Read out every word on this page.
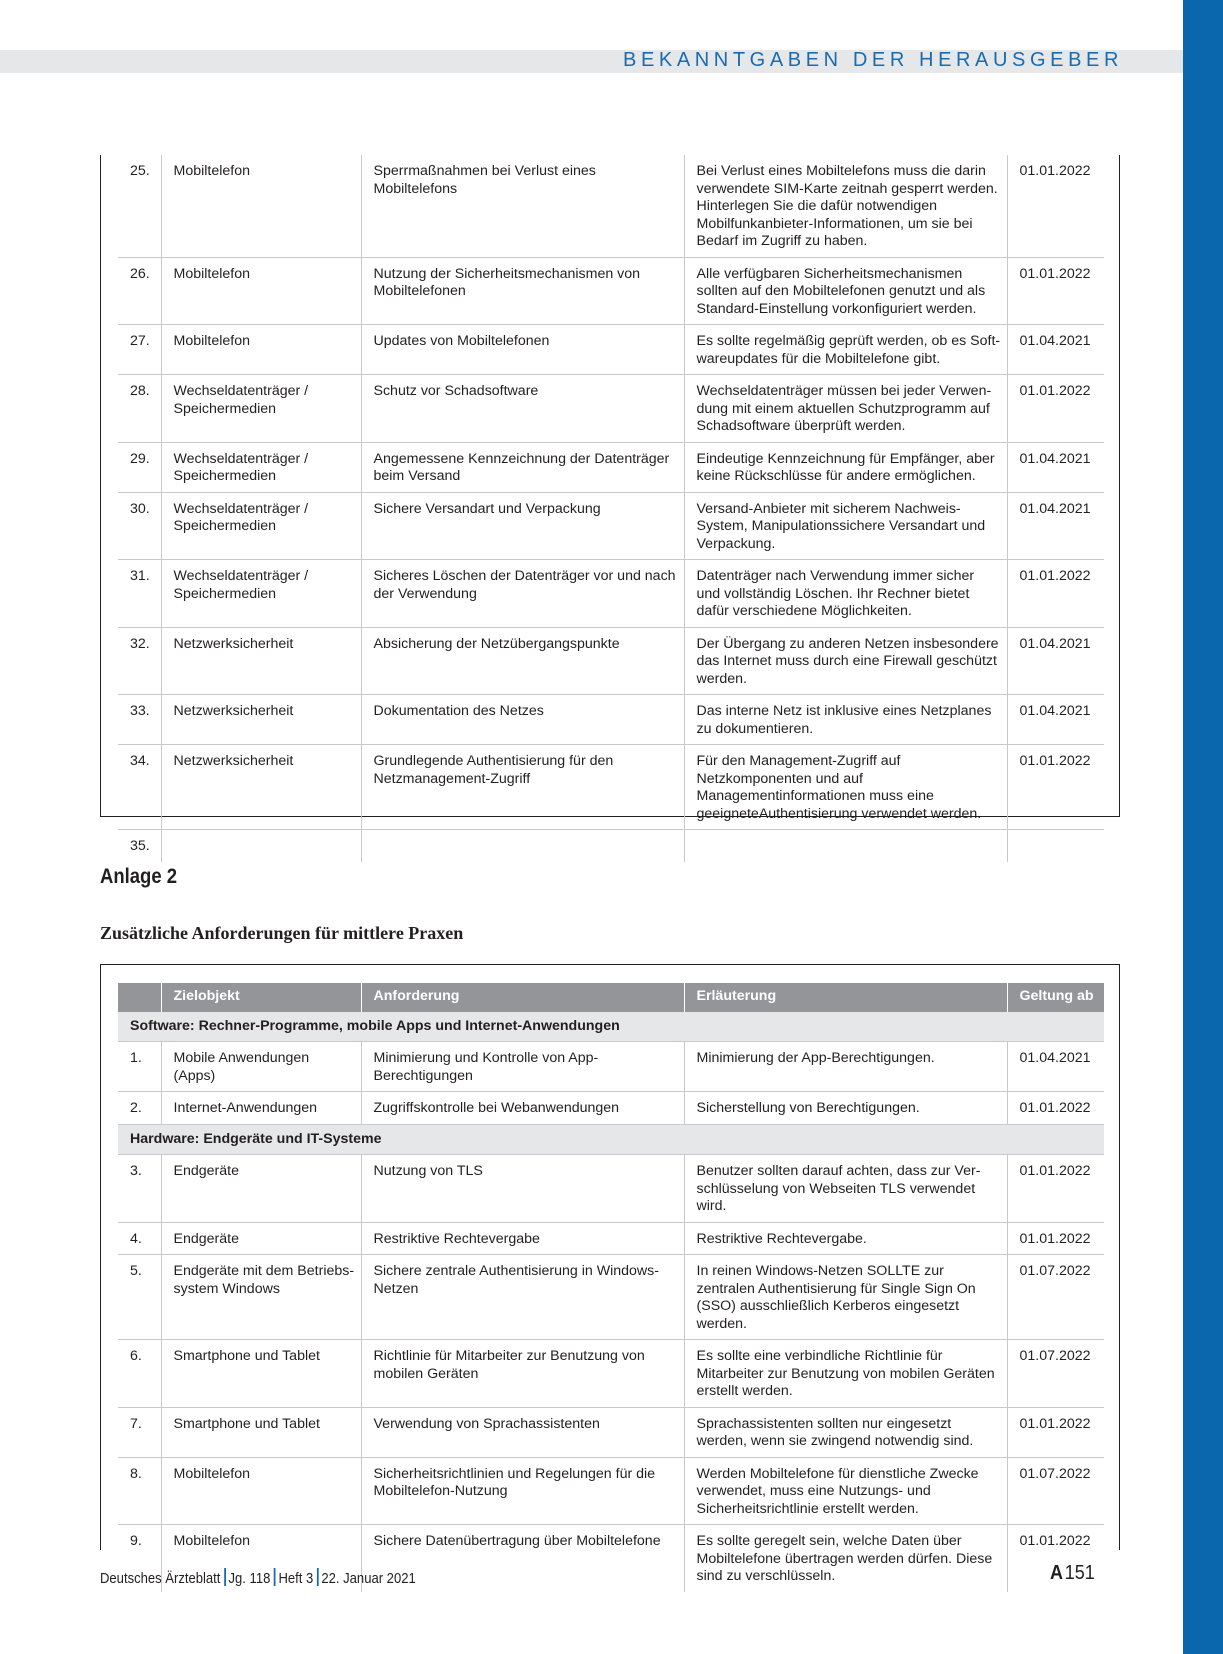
BEKANNTGABEN DER HERAUSGEBER
25.	Mobiltelefon	Sperrmaßnahmen bei Verlust eines Mobiltelefons	Bei Verlust eines Mobiltelefons muss die darin verwendete SIM-Karte zeitnah gesperrt werden. Hinterlegen Sie die dafür notwendigen Mobilfunkanbieter-Informationen, um sie bei Bedarf im Zugriff zu haben.	01.01.2022
26.	Mobiltelefon	Nutzung der Sicherheitsmechanismen von Mobiltelefonen	Alle verfügbaren Sicherheitsmechanismen sollten auf den Mobiltelefonen genutzt und als Standard-Einstellung vorkonfiguriert werden.	01.01.2022
27.	Mobiltelefon	Updates von Mobiltelefonen	Es sollte regelmäßig geprüft werden, ob es Softwareupdates für die Mobiltelefone gibt.	01.04.2021
28.	Wechseldatenträger / Speichermedien	Schutz vor Schadsoftware	Wechseldatenträger müssen bei jeder Verwendung mit einem aktuellen Schutzprogramm auf Schadsoftware überprüft werden.	01.01.2022
29.	Wechseldatenträger / Speichermedien	Angemessene Kennzeichnung der Datenträger beim Versand	Eindeutige Kennzeichnung für Empfänger, aber keine Rückschlüsse für andere ermöglichen.	01.04.2021
30.	Wechseldatenträger / Speichermedien	Sichere Versandart und Verpackung	Versand-Anbieter mit sicherem Nachweis-System, Manipulationssichere Versandart und Verpackung.	01.04.2021
31.	Wechseldatenträger / Speichermedien	Sicheres Löschen der Datenträger vor und nach der Verwendung	Datenträger nach Verwendung immer sicher und vollständig Löschen. Ihr Rechner bietet dafür verschiedene Möglichkeiten.	01.01.2022
32.	Netzwerksicherheit	Absicherung der Netzübergangspunkte	Der Übergang zu anderen Netzen insbesondere das Internet muss durch eine Firewall geschützt werden.	01.04.2021
33.	Netzwerksicherheit	Dokumentation des Netzes	Das interne Netz ist inklusive eines Netzplanes zu dokumentieren.	01.04.2021
34.	Netzwerksicherheit	Grundlegende Authentisierung für den Netzmanagement-Zugriff	Für den Management-Zugriff auf Netzkomponenten und auf Managementinformationen muss eine geeigneteAuthentisierung verwendet werden.	01.01.2022
35.				
Anlage 2
Zusätzliche Anforderungen für mittlere Praxen
	Zielobjekt	Anforderung	Erläuterung	Geltung ab
Software: Rechner-Programme, mobile Apps und Internet-Anwendungen				
1.	Mobile Anwendungen (Apps)	Minimierung und Kontrolle von App-Berechtigungen	Minimierung der App-Berechtigungen.	01.04.2021
2.	Internet-Anwendungen	Zugriffskontrolle bei Webanwendungen	Sicherstellung von Berechtigungen.	01.01.2022
Hardware: Endgeräte und IT-Systeme				
3.	Endgeräte	Nutzung von TLS	Benutzer sollten darauf achten, dass zur Verschlüsselung von Webseiten TLS verwendet wird.	01.01.2022
4.	Endgeräte	Restriktive Rechtevergabe	Restriktive Rechtevergabe.	01.01.2022
5.	Endgeräte mit dem Betriebssystem Windows	Sichere zentrale Authentisierung in Windows-Netzen	In reinen Windows-Netzen SOLLTE zur zentralen Authentisierung für Single Sign On (SSO) ausschließlich Kerberos eingesetzt werden.	01.07.2022
6.	Smartphone und Tablet	Richtlinie für Mitarbeiter zur Benutzung von mobilen Geräten	Es sollte eine verbindliche Richtlinie für Mitarbeiter zur Benutzung von mobilen Geräten erstellt werden.	01.07.2022
7.	Smartphone und Tablet	Verwendung von Sprachassistenten	Sprachassistenten sollten nur eingesetzt werden, wenn sie zwingend notwendig sind.	01.01.2022
8.	Mobiltelefon	Sicherheitsrichtlinien und Regelungen für die Mobiltelefon-Nutzung	Werden Mobiltelefone für dienstliche Zwecke verwendet, muss eine Nutzungs- und Sicherheitsrichtlinie erstellt werden.	01.07.2022
9.	Mobiltelefon	Sichere Datenübertragung über Mobiltelefone	Es sollte geregelt sein, welche Daten über Mobiltelefone übertragen werden dürfen. Diese sind zu verschlüsseln.	01.01.2022
Deutsches Ärzteblatt Jg. 118 Heft 3 22. Januar 2021	A151
